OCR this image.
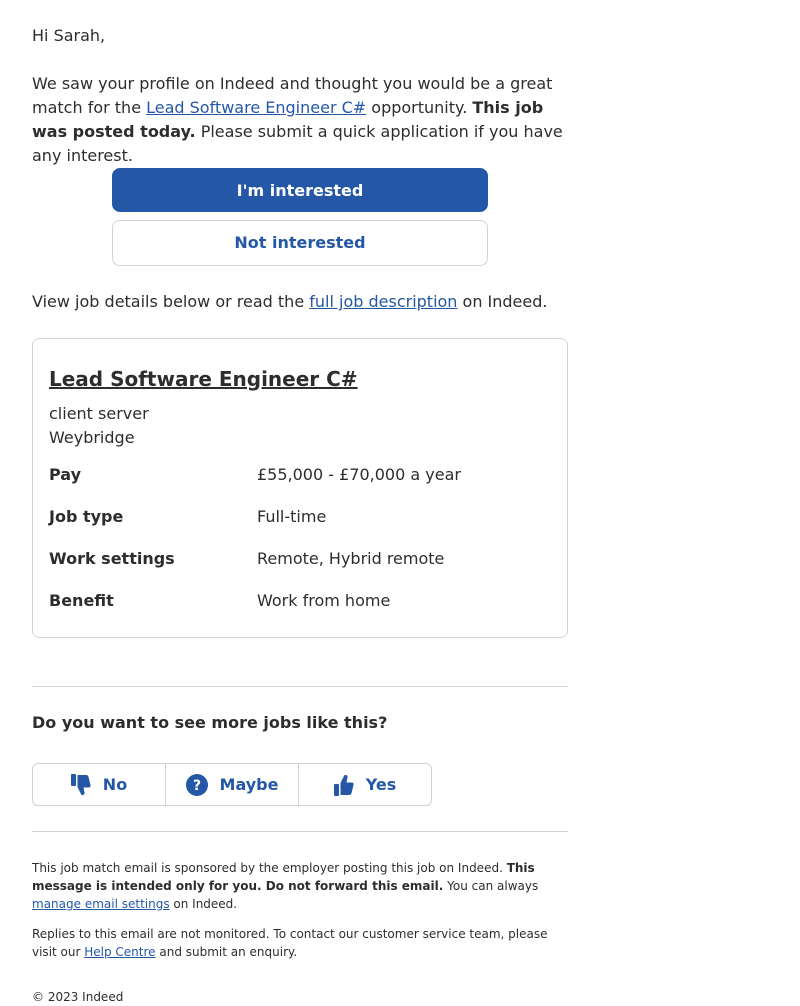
Hi Sarah,
We saw your profile on Indeed and thought you would be a great match for the Lead Software Engineer C# opportunity. This job was posted today. Please submit a quick application if you have any interest.
I'm interested
Not interested
View job details below or read the full job description on Indeed.
Lead Software Engineer C#
client server
Weybridge
Pay	£55,000 - £70,000 a year
Job type	Full-time
Work settings	Remote, Hybrid remote
Benefit	Work from home
Do you want to see more jobs like this?
No	? Maybe	Yes
This job match email is sponsored by the employer posting this job on Indeed. This message is intended only for you. Do not forward this email. You can always manage email settings on Indeed.
Replies to this email are not monitored. To contact our customer service team, please visit our Help Centre and submit an enquiry.
© 2023 Indeed
